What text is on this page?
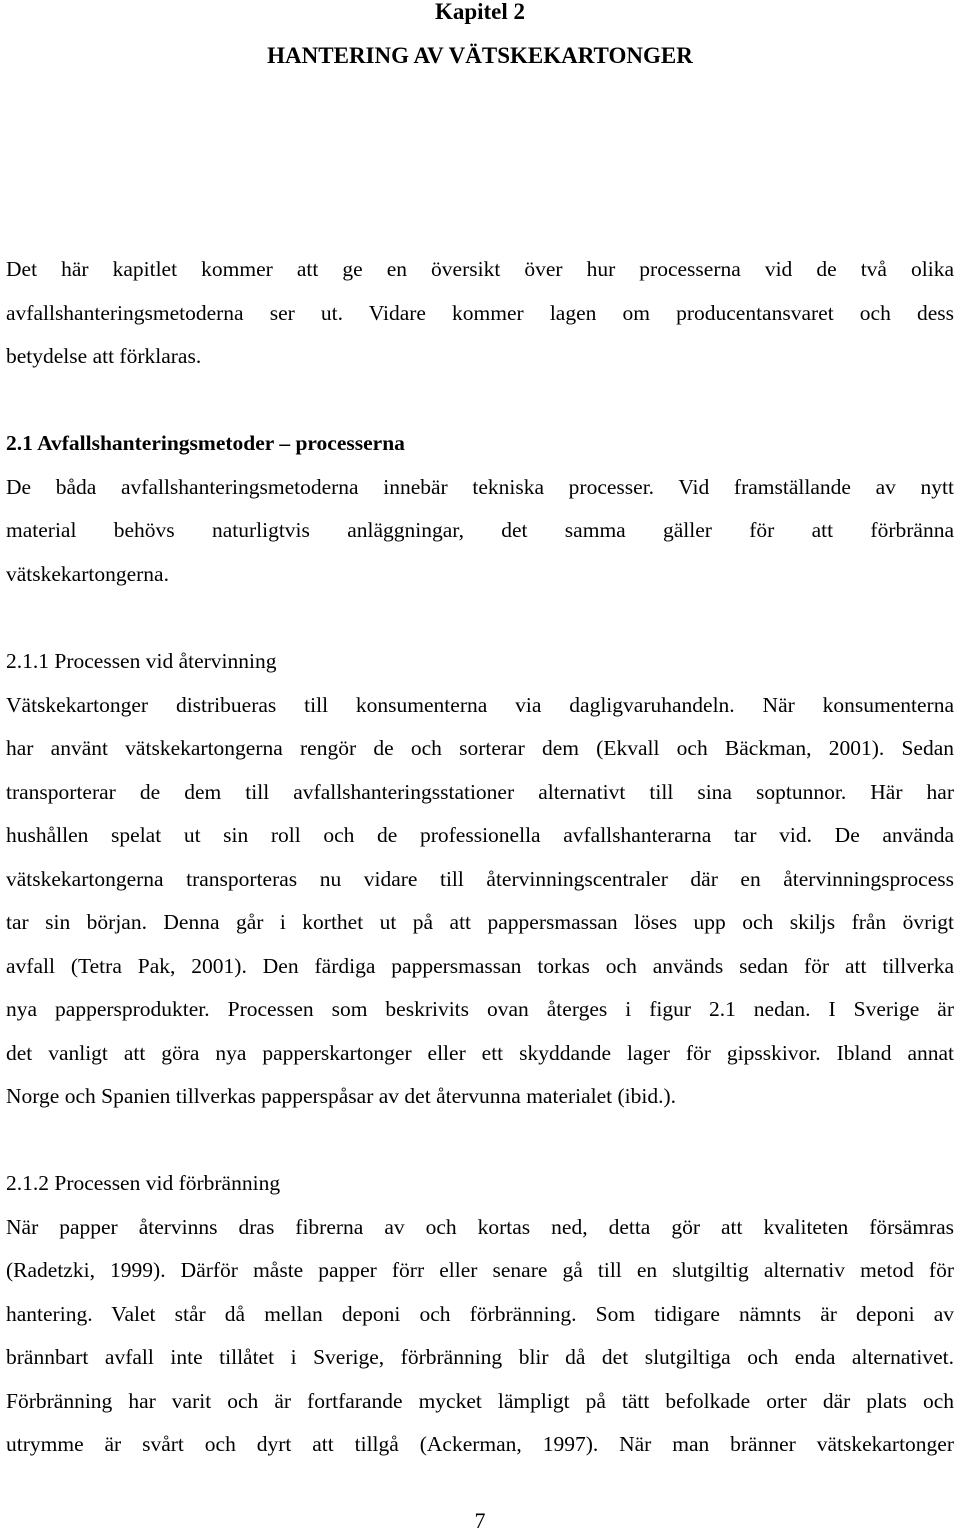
Kapitel 2
HANTERING AV VÄTSKEKARTONGER
Det här kapitlet kommer att ge en översikt över hur processerna vid de två olika
avfallshanteringsmetoderna ser ut. Vidare kommer lagen om producentansvaret och dess
betydelse att förklaras.
2.1 Avfallshanteringsmetoder – processerna
De båda avfallshanteringsmetoderna innebär tekniska processer. Vid framställande av nytt
material behövs naturligtvis anläggningar, det samma gäller för att förbränna
vätskekartongerna.
2.1.1 Processen vid återvinning
Vätskekartonger distribueras till konsumenterna via dagligvaruhandeln. När konsumenterna
har använt vätskekartongerna rengör de och sorterar dem (Ekvall och Bäckman, 2001). Sedan
transporterar de dem till avfallshanteringsstationer alternativt till sina soptunnor. Här har
hushållen spelat ut sin roll och de professionella avfallshanterarna tar vid. De använda
vätskekartongerna transporteras nu vidare till återvinningscentraler där en återvinningsprocess
tar sin början. Denna går i korthet ut på att pappersmassan löses upp och skiljs från övrigt
avfall (Tetra Pak, 2001). Den färdiga pappersmassan torkas och används sedan för att tillverka
nya pappersprodukter. Processen som beskrivits ovan återges i figur 2.1 nedan. I Sverige är
det vanligt att göra nya papperskartonger eller ett skyddande lager för gipsskivor. Ibland annat
Norge och Spanien tillverkas papperspåsar av det återvunna materialet (ibid.).
2.1.2 Processen vid förbränning
När papper återvinns dras fibrerna av och kortas ned, detta gör att kvaliteten försämras
(Radetzki, 1999). Därför måste papper förr eller senare gå till en slutgiltig alternativ metod för
hantering. Valet står då mellan deponi och förbränning. Som tidigare nämnts är deponi av
brännbart avfall inte tillåtet i Sverige, förbränning blir då det slutgiltiga och enda alternativet.
Förbränning har varit och är fortfarande mycket lämpligt på tätt befolkade orter där plats och
utrymme är svårt och dyrt att tillgå (Ackerman, 1997). När man bränner vätskekartonger
7
